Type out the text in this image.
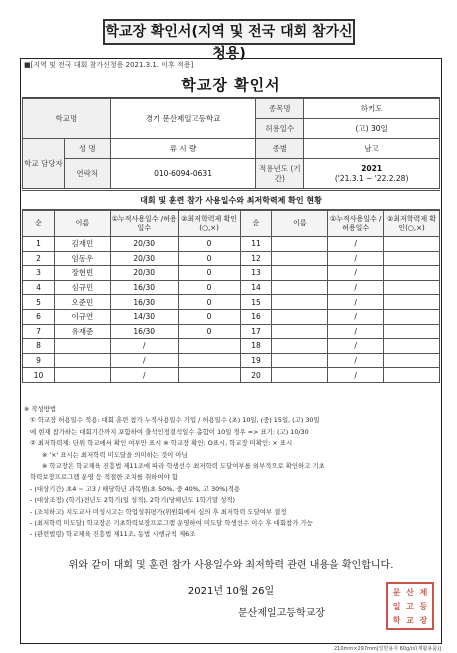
학교장 확인서(지역 및 전국 대회 참가신청용)
■[지역 및 전국 대회 참가신청용 2021.3.1. 이후 적용]
학교장 확인서
학교명		경기 문산제일고등학교	종목명	하키도
			허용일수	(고) 30일
학교 담당자	성 명	류 시 량	종별	남고
	연락처	010-6094-0631	적용년도 (기간)	2021
('21.3.1 ~ '22.2.28)
대회 및 훈련 참가 사용일수와 최저학력제 확인 현황
순	이름	①누적사용일수 /허용일수	②최저학력제 확인(○,×)	순	이름	①누적사용일수 /허용일수	②최저학력제 확인(○,×)
1	김재민	20/30	0	11		/	
2	임동우	20/30	0	12		/	
3	장현빈	20/30	0	13		/	
4	심규민	16/30	0	14		/	
5	오준민	16/30	0	15		/	
6	이규연	14/30	0	16		/	
7	유재준	16/30	0	17		/	
8		/		18		/	
9		/		19		/	
10		/		20		/	
※ 작성방법
① 학교장 허용일수 적용: 대회 훈련 참가 누적사용일수 기입 / 허용일수 (초) 10일, (중) 15일, (고) 30일
에 현재 참가하는 대회기간까지 포함하여 출석인정결석일수 총합이 10일 경우 => 표기: (고) 10/30
② 최저학력제: 단위 학교에서 확인 여부만 표시 ※ 학교장 확인: O표시, 학교장 미확인: × 표시
※ '×' 표시는 최저학력 미도달을 의미하는 것이 아님
※ 학교장은 학교체육 진흥법 제11조에 따라 학생선수 최저학력 도달여부를 외부적으로 확인하고 기초
학력보장프로그램 운영 등 적절한 조치를 취하여야 함
- (대상기간) 초4 ~ 고3 / 해당학년 과목별(초 50%, 중 40%, 고 30%)적용
- (대상조정) (학기)전년도 2학기(일 성적), 2학기(당해년도 1학기말 성적)
- (조치하고) 지도교사 미성시고는 학업성취평가(위원회에서 심의 후 최저학력 도달여부 결정
- (최저학력 미도달) 학교장은 기초학력보장프로그램 운영하여 미도달 학생선수 이수 후 대회참가 가능
- (관련법령) 학교체육 진흥법 제11조, 동법 시행규칙 제6조
위와 같이 대회 및 훈련 참가 사용일수와 최저학력 관련 내용을 확인합니다.
2021년 10월 26일
문산제일고등학교장
문 산 제
일 고 등
학 교 장
210mm×297mm[일반용지 60g/㎡(재활용품)]
